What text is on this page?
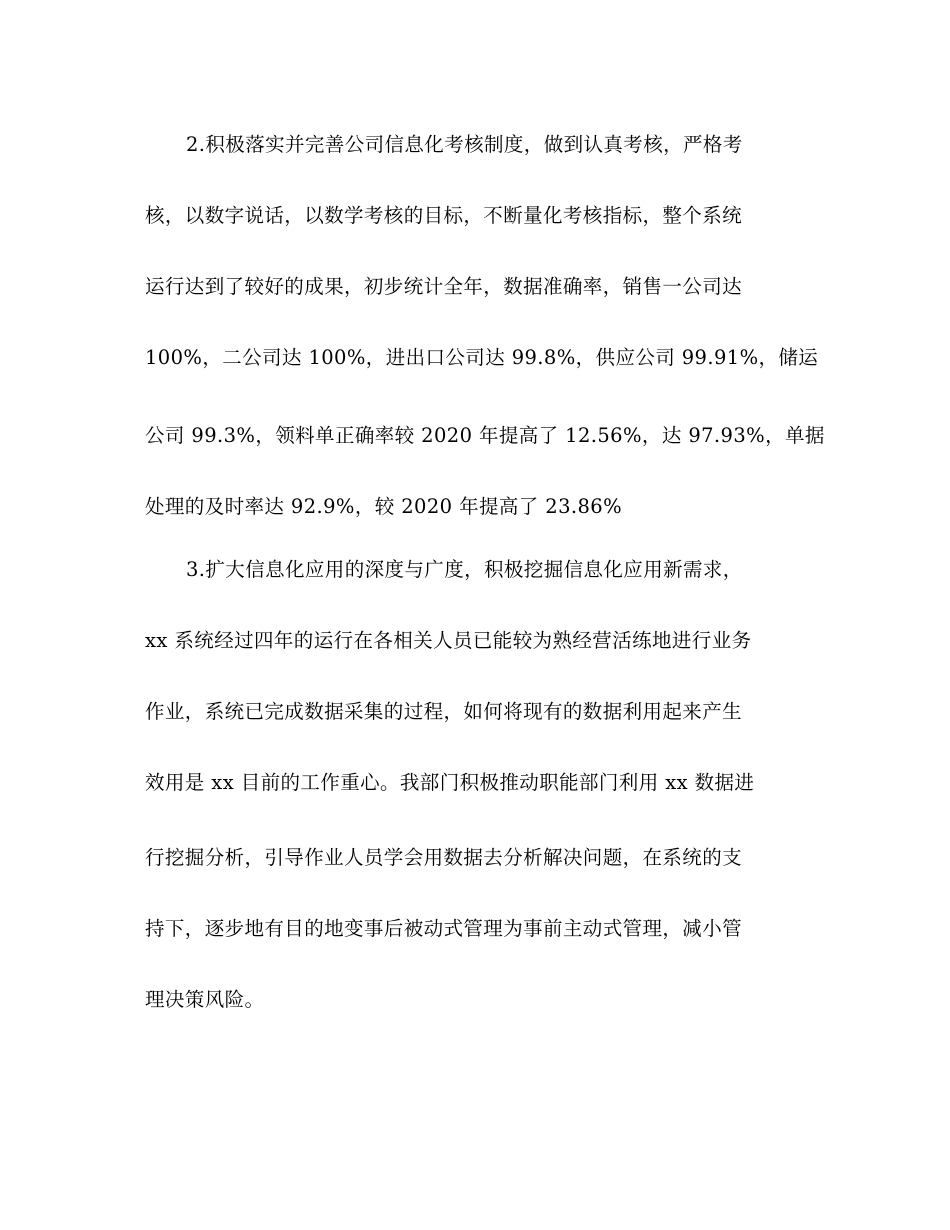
2.积极落实并完善公司信息化考核制度，做到认真考核，严格考
核，以数字说话，以数学考核的目标，不断量化考核指标，整个系统
运行达到了较好的成果，初步统计全年，数据准确率，销售一公司达
100%，二公司达 100%，进出口公司达 99.8%，供应公司 99.91%，储运
公司 99.3%，领料单正确率较 2020 年提高了 12.56%，达 97.93%，单据
处理的及时率达 92.9%，较 2020 年提高了 23.86%
3.扩大信息化应用的深度与广度，积极挖掘信息化应用新需求，
xx 系统经过四年的运行在各相关人员已能较为熟经营活练地进行业务
作业，系统已完成数据采集的过程，如何将现有的数据利用起来产生
效用是 xx 目前的工作重心。我部门积极推动职能部门利用 xx 数据进
行挖掘分析，引导作业人员学会用数据去分析解决问题，在系统的支
持下，逐步地有目的地变事后被动式管理为事前主动式管理，减小管
理决策风险。
